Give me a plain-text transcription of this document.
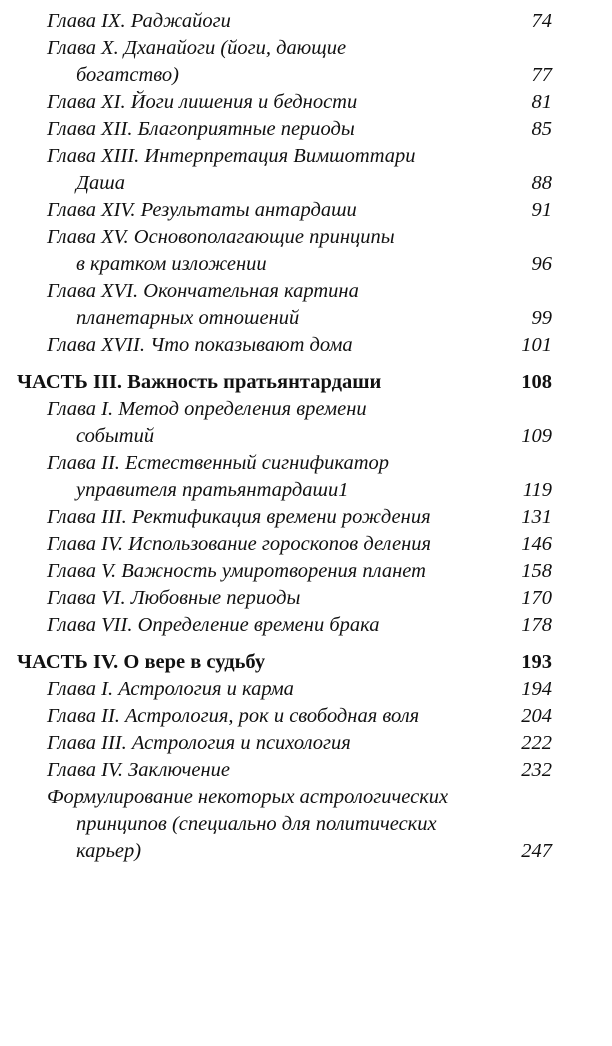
Глава IX. Раджайоги	74
Глава X. Дханайоги (йоги, дающие
богатство)	77
Глава XI. Йоги лишения и бедности	81
Глава XII. Благоприятные периоды	85
Глава XIII. Интерпретация Вимшоттари
Даша	88
Глава XIV. Результаты антардаши	91
Глава XV. Основополагающие принципы
в кратком изложении	96
Глава XVI. Окончательная картина
планетарных отношений	99
Глава XVII. Что показывают дома	101
ЧАСТЬ III. Важность пратьянтардаши	108
Глава I. Метод определения времени
событий	109
Глава II. Естественный сигнификатор
управителя пратьянтардаши1	119
Глава III. Ректификация времени рождения	131
Глава IV. Использование гороскопов деления	146
Глава V. Важность умиротворения планет	158
Глава VI. Любовные периоды	170
Глава VII. Определение времени брака	178
ЧАСТЬ IV. О вере в судьбу	193
Глава I. Астрология и карма	194
Глава II. Астрология, рок и свободная воля	204
Глава III. Астрология и психология	222
Глава IV. Заключение	232
Формулирование некоторых астрологических
принципов (специально для политических
карьер)	247
